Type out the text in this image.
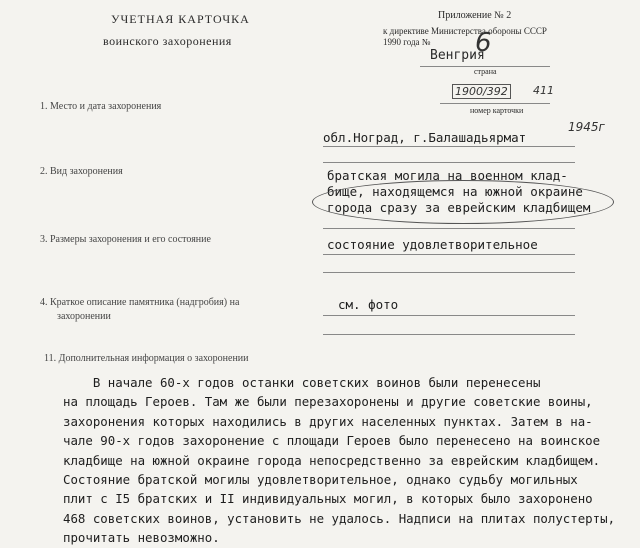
УЧЕТНАЯ КАРТОЧКА
воинского захоронения
Приложение № 2
к директиве Министерства обороны СССР
1990 года №
Венгрия
6
страна
1900/392 411
номер карточки
1. Место и дата захоронения
обл.Ноград, г.Балашадьярмат
1945г
2. Вид захоронения	братская могила на военном клад-
бище, находящемся на южной окраине
города сразу за еврейским кладбищем
3. Размеры захоронения и его состояние	состояние удовлетворительное
4. Краткое описание памятника (надгробия) на
захоронении
см. фото
11. Дополнительная информация о захоронении
В начале 60-х годов останки советских воинов были перенесены
на площадь Героев. Там же были перезахоронены и другие советские воины,
захоронения которых находились в других населенных пунктах. Затем в на-
чале 90-х годов захоронение с площади Героев было перенесено на воинское
кладбище на южной окраине города непосредственно за еврейским кладбищем.
Состояние братской могилы удовлетворительное, однако судьбу могильных
плит с I5 братских и II индивидуальных могил, в которых было захоронено
468 советских воинов, установить не удалось. Надписи на плитах полустерты,
прочитать невозможно.
